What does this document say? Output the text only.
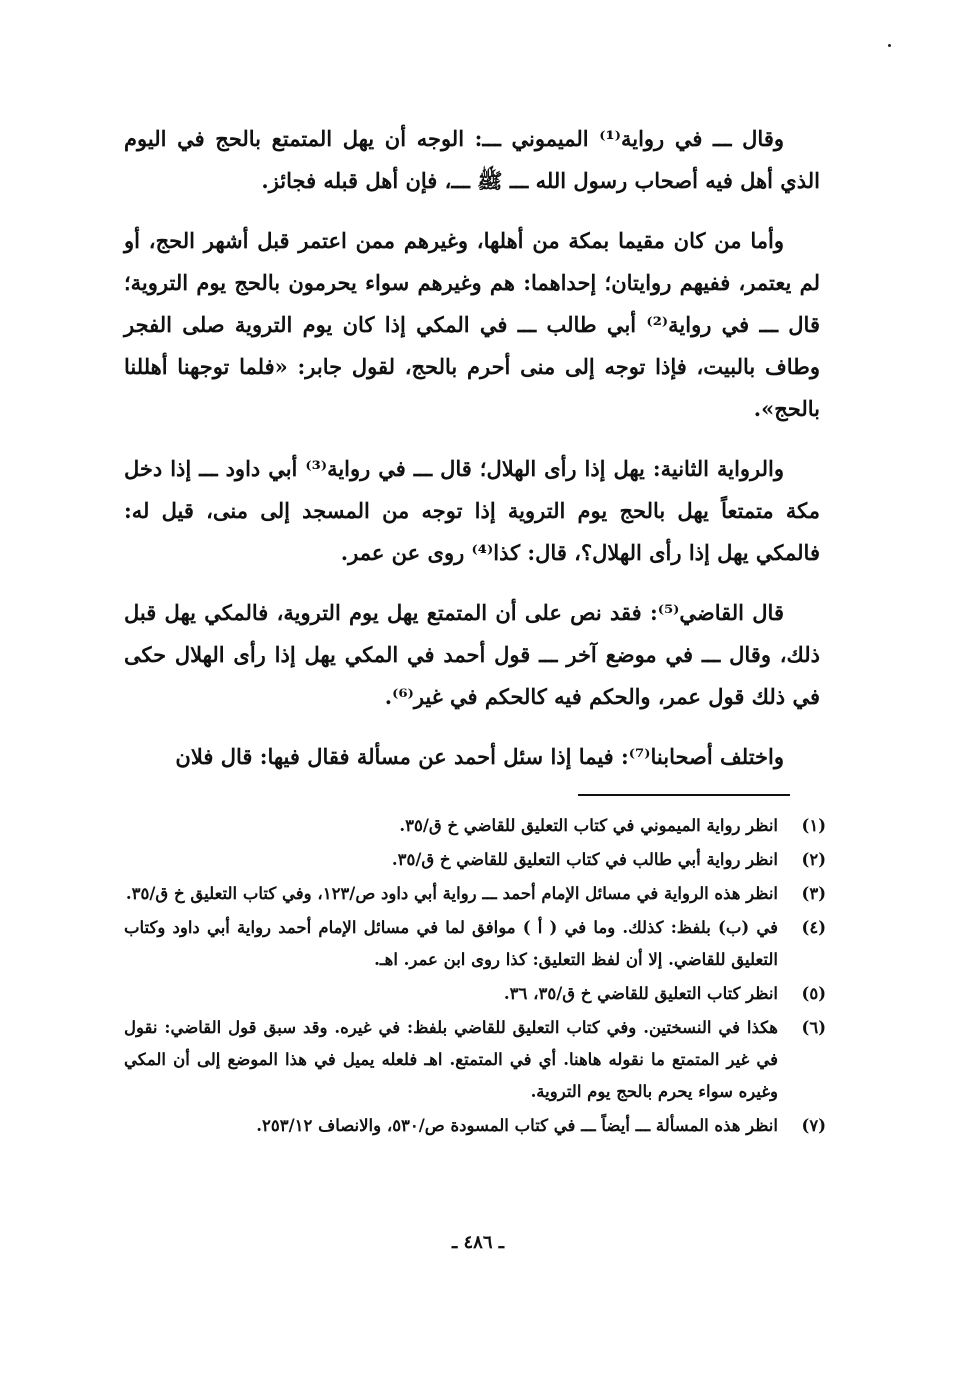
وقال ـــ في رواية⁽¹⁾ الميموني ـــ: الوجه أن يهل المتمتع بالحج في اليوم الذي أهل فيه أصحاب رسول الله ـــ ﷺ ـــ، فإن أهل قبله فجائز.

وأما من كان مقيما بمكة من أهلها، وغيرهم ممن اعتمر قبل أشهر الحج، أو لم يعتمر، ففيهم روايتان؛ إحداهما: هم وغيرهم سواء يحرمون بالحج يوم التروية؛ قال ـــ في رواية⁽²⁾ أبي طالب ـــ في المكي إذا كان يوم التروية صلى الفجر وطاف بالبيت، فإذا توجه إلى منى أحرم بالحج، لقول جابر: «فلما توجهنا أهللنا بالحج».

والرواية الثانية: يهل إذا رأى الهلال؛ قال ـــ في رواية⁽³⁾ أبي داود ـــ إذا دخل مكة متمتعاً يهل بالحج يوم التروية إذا توجه من المسجد إلى منى، قيل له: فالمكي يهل إذا رأى الهلال؟، قال: كذا⁽⁴⁾ روى عن عمر.

قال القاضي⁽⁵⁾: فقد نص على أن المتمتع يهل يوم التروية، فالمكي يهل قبل ذلك، وقال ـــ في موضع آخر ـــ قول أحمد في المكي يهل إذا رأى الهلال حكى في ذلك قول عمر، والحكم فيه كالحكم في غير⁽⁶⁾.

واختلف أصحابنا⁽⁷⁾: فيما إذا سئل أحمد عن مسألة فقال فيها: قال فلان

(١)
انظر رواية الميموني في كتاب التعليق للقاضي خ ق/٣٥.
(٢)
انظر رواية أبي طالب في كتاب التعليق للقاضي خ ق/٣٥.
(٣)
انظر هذه الرواية في مسائل الإمام أحمد ـــ رواية أبي داود ص/١٢٣، وفي كتاب التعليق خ ق/٣٥.
(٤)
في (ب) بلفظ: كذلك. وما في ( أ ) موافق لما في مسائل الإمام أحمد رواية أبي داود وكتاب التعليق للقاضي. إلا أن لفظ التعليق: كذا روى ابن عمر. اهـ.
(٥)
انظر كتاب التعليق للقاضي خ ق/٣٥، ٣٦.
(٦)
هكذا في النسختين. وفي كتاب التعليق للقاضي بلفظ: في غيره. وقد سبق قول القاضي: نقول في غير المتمتع ما نقوله هاهنا. أي في المتمتع. اهـ فلعله يميل في هذا الموضع إلى أن المكي وغيره سواء يحرم بالحج يوم التروية.
(٧)
انظر هذه المسألة ـــ أيضاً ـــ في كتاب المسودة ص/٥٣٠، والانصاف ٢٥٣/١٢.
ـ ٤٨٦ ـ
